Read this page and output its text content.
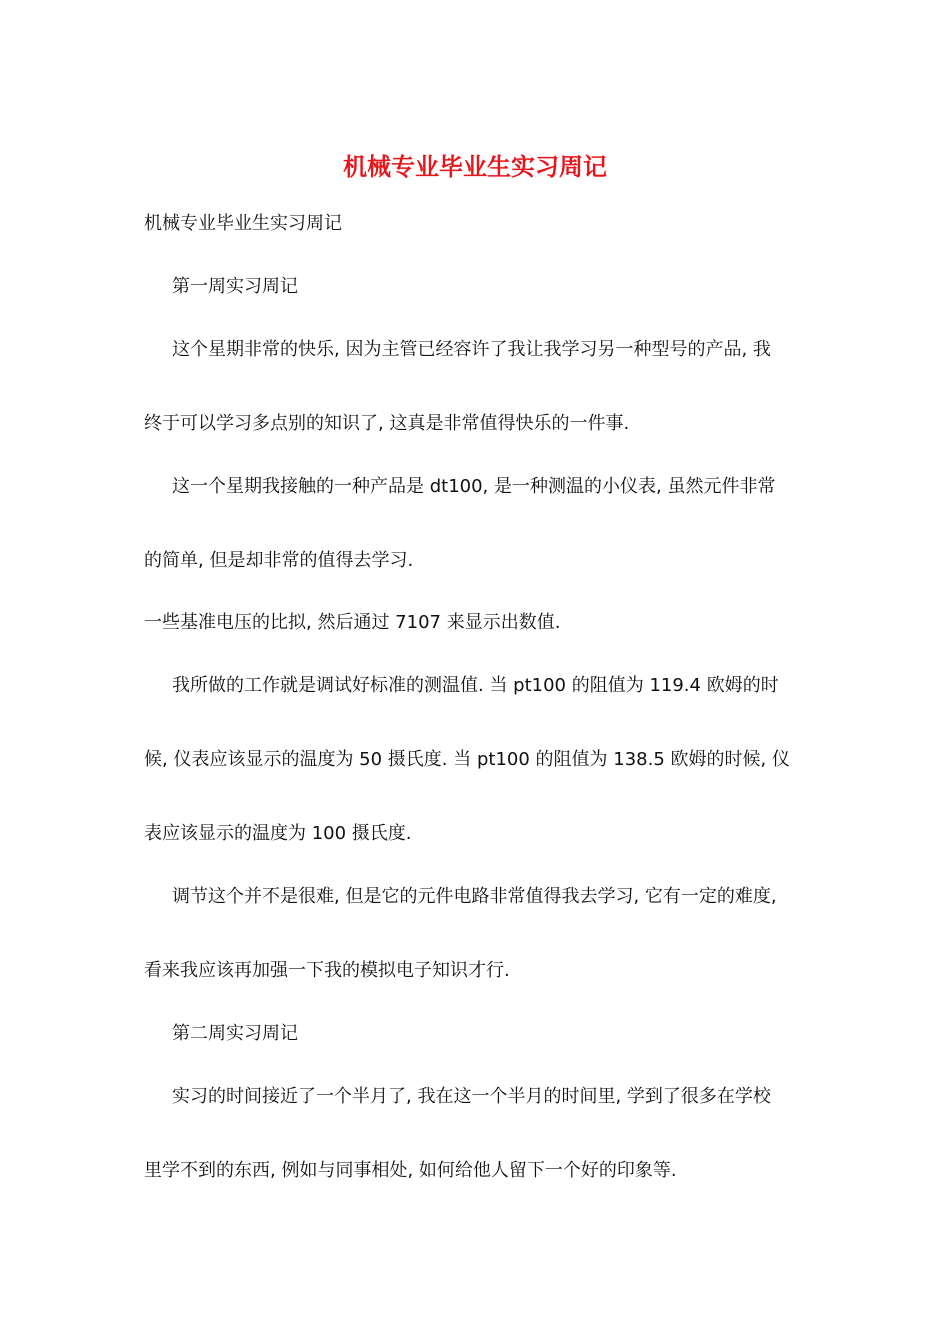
机械专业毕业生实习周记

机械专业毕业生实习周记

第一周实习周记

这个星期非常的快乐, 因为主管已经容许了我让我学习另一种型号的产品, 我

终于可以学习多点别的知识了, 这真是非常值得快乐的一件事.

这一个星期我接触的一种产品是 dt100, 是一种测温的小仪表, 虽然元件非常

的简单, 但是却非常的值得去学习.

一些基准电压的比拟, 然后通过 7107 来显示出数值.

我所做的工作就是调试好标准的测温值. 当 pt100 的阻值为 119.4 欧姆的时

候, 仪表应该显示的温度为 50 摄氏度. 当 pt100 的阻值为 138.5 欧姆的时候, 仪

表应该显示的温度为 100 摄氏度.

调节这个并不是很难, 但是它的元件电路非常值得我去学习, 它有一定的难度,

看来我应该再加强一下我的模拟电子知识才行.

第二周实习周记

实习的时间接近了一个半月了, 我在这一个半月的时间里, 学到了很多在学校

里学不到的东西, 例如与同事相处, 如何给他人留下一个好的印象等.
